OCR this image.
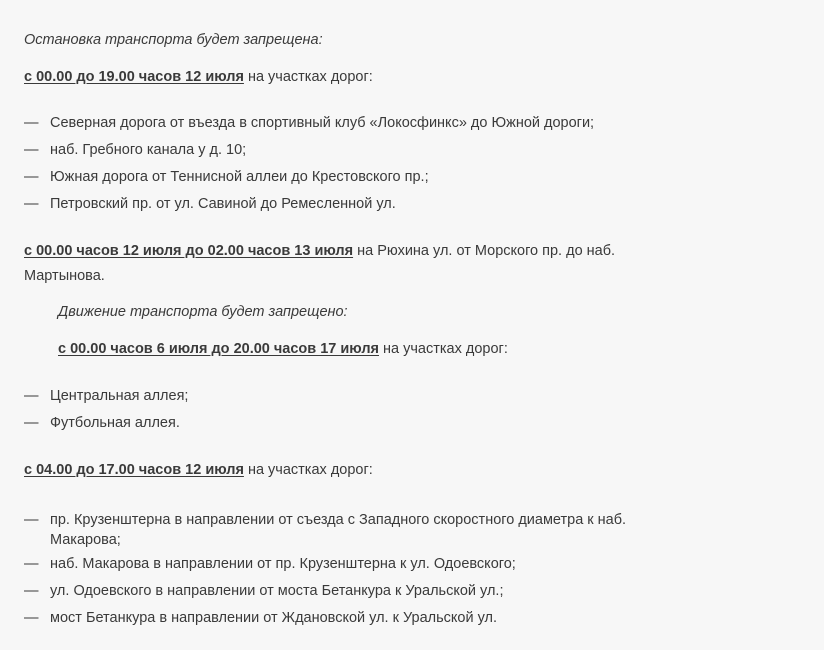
Остановка транспорта будет запрещена:
с 00.00 до 19.00 часов 12 июля на участках дорог:
— Северная дорога от въезда в спортивный клуб «Локосфинкс» до Южной дороги;
— наб. Гребного канала у д. 10;
— Южная дорога от Теннисной аллеи до Крестовского пр.;
— Петровский пр. от ул. Савиной до Ремесленной ул.
с 00.00 часов 12 июля до 02.00 часов 13 июля на Рюхина ул. от Морского пр. до наб.
Мартынова.
Движение транспорта будет запрещено:
с 00.00 часов 6 июля до 20.00 часов 17 июля на участках дорог:
— Центральная аллея;
— Футбольная аллея.
с 04.00 до 17.00 часов 12 июля на участках дорог:
— пр. Крузенштерна в направлении от съезда с Западного скоростного диаметра к наб. Макарова;
— наб. Макарова в направлении от пр. Крузенштерна к ул. Одоевского;
— ул. Одоевского в направлении от моста Бетанкура к Уральской ул.;
— мост Бетанкура в направлении от Ждановской ул. к Уральской ул.
